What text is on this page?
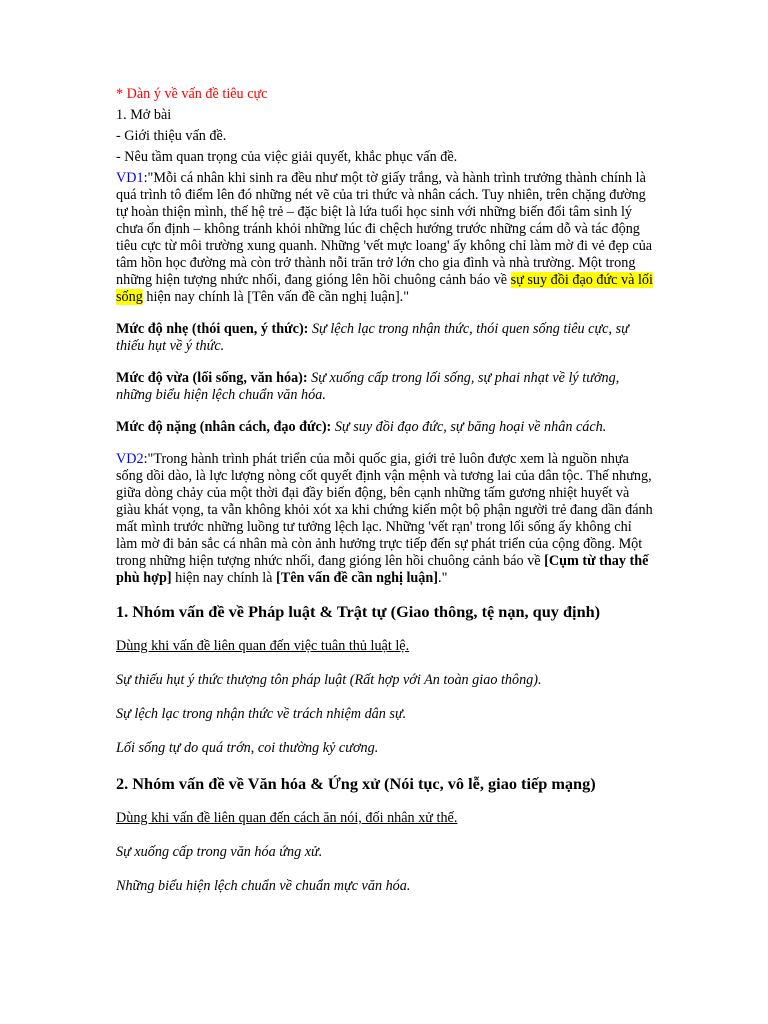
* Dàn ý về vấn đề tiêu cực

1. Mở bài

- Giới thiệu vấn đề.

- Nêu tầm quan trọng của việc giải quyết, khắc phục vấn đề.

VD1:"Mỗi cá nhân khi sinh ra đều như một tờ giấy trắng, và hành trình trưởng thành chính là quá trình tô điểm lên đó những nét vẽ của tri thức và nhân cách. Tuy nhiên, trên chặng đường tự hoàn thiện mình, thế hệ trẻ – đặc biệt là lứa tuổi học sinh với những biến đổi tâm sinh lý chưa ổn định – không tránh khỏi những lúc đi chệch hướng trước những cám dỗ và tác động tiêu cực từ môi trường xung quanh. Những 'vết mực loang' ấy không chỉ làm mờ đi vẻ đẹp của tâm hồn học đường mà còn trở thành nỗi trăn trở lớn cho gia đình và nhà trường. Một trong những hiện tượng nhức nhối, đang gióng lên hồi chuông cảnh báo về sự suy đồi đạo đức và lối sống hiện nay chính là [Tên vấn đề cần nghị luận]."

Mức độ nhẹ (thói quen, ý thức): Sự lệch lạc trong nhận thức, thói quen sống tiêu cực, sự thiếu hụt về ý thức.

Mức độ vừa (lối sống, văn hóa): Sự xuống cấp trong lối sống, sự phai nhạt về lý tưởng, những biểu hiện lệch chuẩn văn hóa.

Mức độ nặng (nhân cách, đạo đức): Sự suy đồi đạo đức, sự băng hoại về nhân cách.

VD2:"Trong hành trình phát triển của mỗi quốc gia, giới trẻ luôn được xem là nguồn nhựa sống dồi dào, là lực lượng nòng cốt quyết định vận mệnh và tương lai của dân tộc. Thế nhưng, giữa dòng chảy của một thời đại đầy biến động, bên cạnh những tấm gương nhiệt huyết và giàu khát vọng, ta vẫn không khỏi xót xa khi chứng kiến một bộ phận người trẻ đang dần đánh mất mình trước những luồng tư tưởng lệch lạc. Những 'vết rạn' trong lối sống ấy không chỉ làm mờ đi bản sắc cá nhân mà còn ảnh hưởng trực tiếp đến sự phát triển của cộng đồng. Một trong những hiện tượng nhức nhối, đang gióng lên hồi chuông cảnh báo về [Cụm từ thay thế phù hợp] hiện nay chính là [Tên vấn đề cần nghị luận]."

1. Nhóm vấn đề về Pháp luật & Trật tự (Giao thông, tệ nạn, quy định)

Dùng khi vấn đề liên quan đến việc tuân thủ luật lệ.

Sự thiếu hụt ý thức thượng tôn pháp luật (Rất hợp với An toàn giao thông).

Sự lệch lạc trong nhận thức về trách nhiệm dân sự.

Lối sống tự do quá trớn, coi thường kỷ cương.

2. Nhóm vấn đề về Văn hóa & Ứng xử (Nói tục, vô lễ, giao tiếp mạng)

Dùng khi vấn đề liên quan đến cách ăn nói, đối nhân xử thế.

Sự xuống cấp trong văn hóa ứng xử.

Những biểu hiện lệch chuẩn về chuẩn mực văn hóa.
